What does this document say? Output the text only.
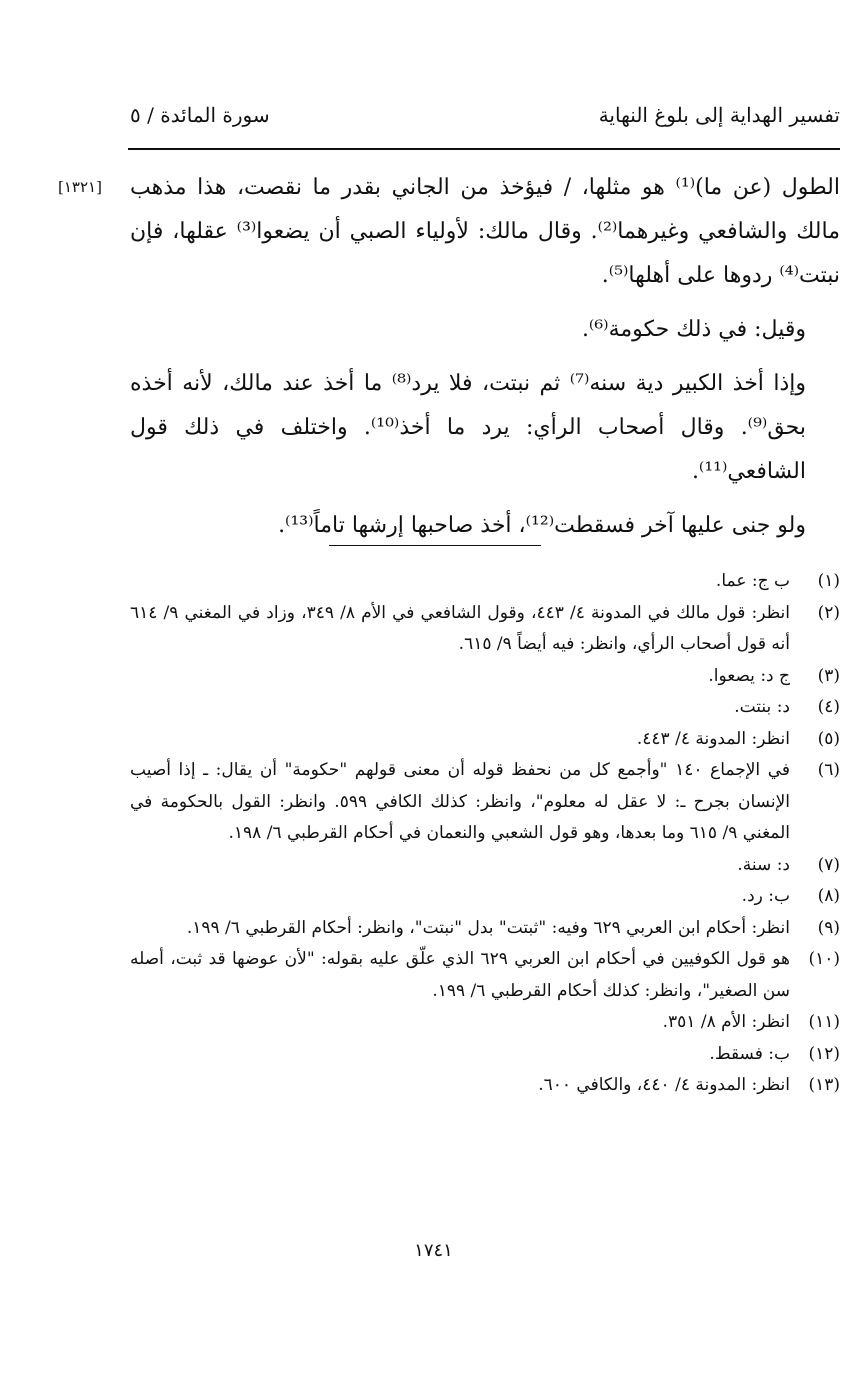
تفسير الهداية إلى بلوغ النهاية
سورة المائدة / ٥
[١٣٢١] الطول (عن ما)⁽¹⁾ هو مثلها، / فيؤخذ من الجاني بقدر ما نقصت، هذا مذهب مالك والشافعي وغيرهما⁽²⁾. وقال مالك: لأولياء الصبي أن يضعوا⁽³⁾ عقلها، فإن نبتت⁽⁴⁾ ردوها على أهلها⁽⁵⁾.

وقيل: في ذلك حكومة⁽⁶⁾.

وإذا أخذ الكبير دية سنه⁽⁷⁾ ثم نبتت، فلا يرد⁽⁸⁾ ما أخذ عند مالك، لأنه أخذه بحق⁽⁹⁾. وقال أصحاب الرأي: يرد ما أخذ⁽¹⁰⁾. واختلف في ذلك قول الشافعي⁽¹¹⁾.

ولو جنى عليها آخر فسقطت⁽¹²⁾، أخذ صاحبها إرشها تاماً⁽¹³⁾.

(١)
ب ج: عما.

(٢)
انظر: قول مالك في المدونة ٤/ ٤٤٣، وقول الشافعي في الأم ٨/ ٣٤٩، وزاد في المغني ٩/ ٦١٤ أنه قول أصحاب الرأي، وانظر: فيه أيضاً ٩/ ٦١٥.

(٣)
ج د: يصعوا.

(٤)
د: بنتت.

(٥)
انظر: المدونة ٤/ ٤٤٣.

(٦)
في الإجماع ١٤٠ "وأجمع كل من نحفظ قوله أن معنى قولهم "حكومة" أن يقال: ـ إذا أصيب الإنسان بجرح ـ: لا عقل له معلوم"، وانظر: كذلك الكافي ٥٩٩. وانظر: القول بالحكومة في المغني ٩/ ٦١٥ وما بعدها، وهو قول الشعبي والنعمان في أحكام القرطبي ٦/ ١٩٨.

(٧)
د: سنة.

(٨)
ب: رد.

(٩)
انظر: أحكام ابن العربي ٦٢٩ وفيه: "ثبتت" بدل "نبتت"، وانظر: أحكام القرطبي ٦/ ١٩٩.

(١٠)
هو قول الكوفيين في أحكام ابن العربي ٦٢٩ الذي علّق عليه بقوله: "لأن عوضها قد ثبت، أصله سن الصغير"، وانظر: كذلك أحكام القرطبي ٦/ ١٩٩.

(١١)
انظر: الأم ٨/ ٣٥١.

(١٢)
ب: فسقط.

(١٣)
انظر: المدونة ٤/ ٤٤٠، والكافي ٦٠٠.

١٧٤١
